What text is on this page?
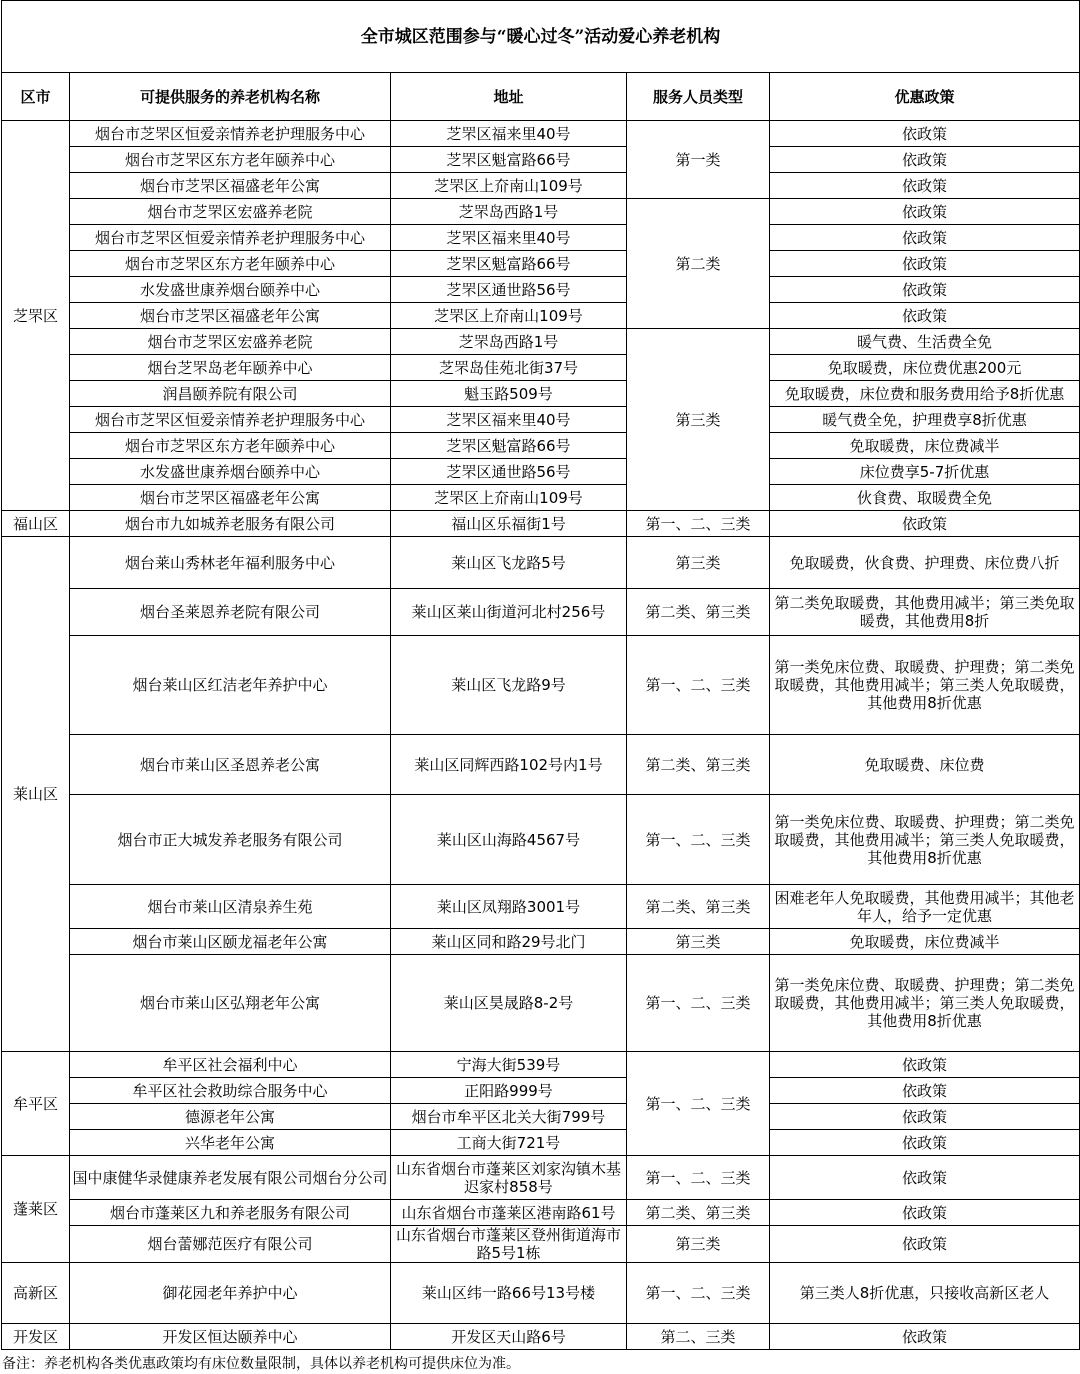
全市城区范围参与“暖心过冬”活动爱心养老机构				
区市	可提供服务的养老机构名称	地址	服务人员类型	优惠政策
芝罘区	烟台市芝罘区恒爱亲情养老护理服务中心	芝罘区福来里40号	第一类	依政策
	烟台市芝罘区东方老年颐养中心	芝罘区魁富路66号		依政策
	烟台市芝罘区福盛老年公寓	芝罘区上夼南山109号		依政策
	烟台市芝罘区宏盛养老院	芝罘岛西路1号	第二类	依政策
	烟台市芝罘区恒爱亲情养老护理服务中心	芝罘区福来里40号		依政策
	烟台市芝罘区东方老年颐养中心	芝罘区魁富路66号		依政策
	水发盛世康养烟台颐养中心	芝罘区通世路56号		依政策
	烟台市芝罘区福盛老年公寓	芝罘区上夼南山109号		依政策
	烟台市芝罘区宏盛养老院	芝罘岛西路1号	第三类	暖气费、生活费全免
	烟台芝罘岛老年颐养中心	芝罘岛佳苑北街37号		免取暖费，床位费优惠200元
	润昌颐养院有限公司	魁玉路509号		免取暖费，床位费和服务费用给予8折优惠
	烟台市芝罘区恒爱亲情养老护理服务中心	芝罘区福来里40号		暖气费全免，护理费享8折优惠
	烟台市芝罘区东方老年颐养中心	芝罘区魁富路66号		免取暖费，床位费减半
	水发盛世康养烟台颐养中心	芝罘区通世路56号		床位费享5-7折优惠
	烟台市芝罘区福盛老年公寓	芝罘区上夼南山109号		伙食费、取暖费全免
福山区	烟台市九如城养老服务有限公司	福山区乐福街1号	第一、二、三类	依政策
莱山区	烟台莱山秀林老年福利服务中心	莱山区飞龙路5号	第三类	免取暖费，伙食费、护理费、床位费八折
	烟台圣莱恩养老院有限公司	莱山区莱山街道河北村256号	第二类、第三类	第二类免取暖费，其他费用减半；第三类免取暖费，其他费用8折
	烟台莱山区红洁老年养护中心	莱山区飞龙路9号	第一、二、三类	第一类免床位费、取暖费、护理费；第二类免取暖费，其他费用减半；第三类人免取暖费，其他费用8折优惠
	烟台市莱山区圣恩养老公寓	莱山区同辉西路102号内1号	第二类、第三类	免取暖费、床位费
	烟台市正大城发养老服务有限公司	莱山区山海路4567号	第一、二、三类	第一类免床位费、取暖费、护理费；第二类免取暖费，其他费用减半；第三类人免取暖费，其他费用8折优惠
	烟台市莱山区清泉养生苑	莱山区凤翔路3001号	第二类、第三类	困难老年人免取暖费，其他费用减半；其他老年人，给予一定优惠
	烟台市莱山区颐龙福老年公寓	莱山区同和路29号北门	第三类	免取暖费，床位费减半
	烟台市莱山区弘翔老年公寓	莱山区昊晟路8-2号	第一、二、三类	第一类免床位费、取暖费、护理费；第二类免取暖费，其他费用减半；第三类人免取暖费，其他费用8折优惠
牟平区	牟平区社会福利中心	宁海大街539号	第一、二、三类	依政策
	牟平区社会救助综合服务中心	正阳路999号		依政策
	德源老年公寓	烟台市牟平区北关大街799号		依政策
	兴华老年公寓	工商大街721号		依政策
蓬莱区	国中康健华录健康养老发展有限公司烟台分公司	山东省烟台市蓬莱区刘家沟镇木基迟家村858号	第一、二、三类	依政策
	烟台市蓬莱区九和养老服务有限公司	山东省烟台市蓬莱区港南路61号	第二类、第三类	依政策
	烟台蕾娜范医疗有限公司	山东省烟台市蓬莱区登州街道海市路5号1栋	第三类	依政策
高新区	御花园老年养护中心	莱山区纬一路66号13号楼	第一、二、三类	第三类人8折优惠，只接收高新区老人
开发区	开发区恒达颐养中心	开发区天山路6号	第二、三类	依政策
备注：养老机构各类优惠政策均有床位数量限制，具体以养老机构可提供床位为准。
